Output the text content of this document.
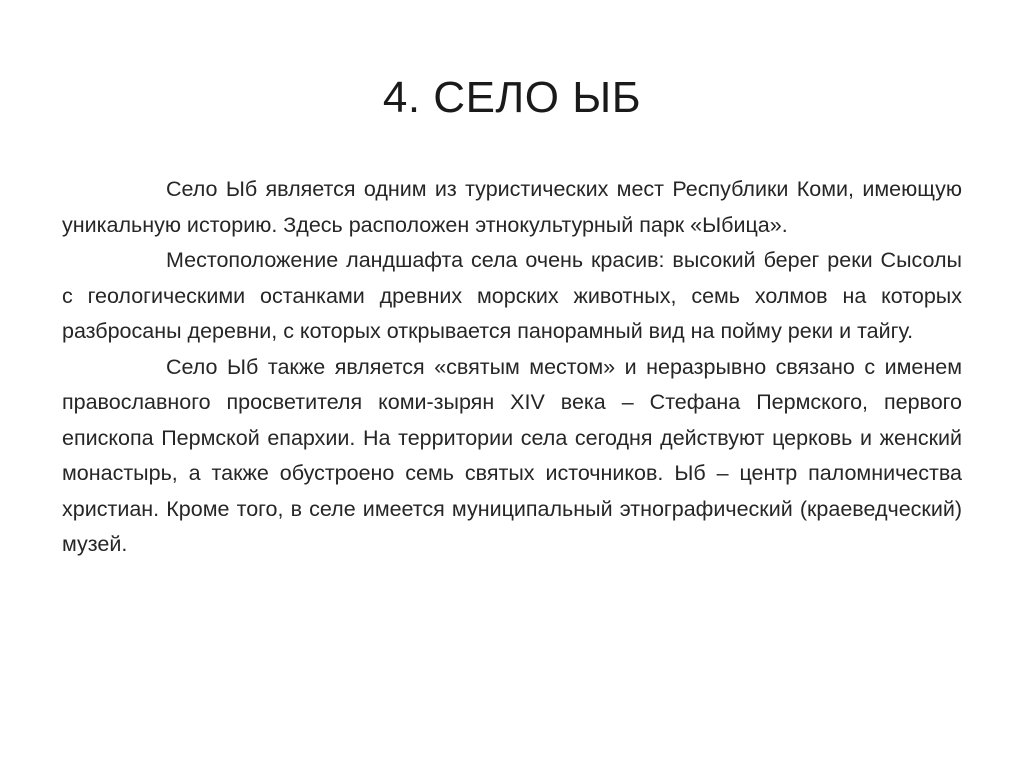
4. СЕЛО ЫБ

Село Ыб является одним из туристических мест Республики Коми, имеющую уникальную историю. Здесь расположен этнокультурный парк «Ыбица».

Местоположение ландшафта села очень красив: высокий берег реки Сысолы с геологическими останками древних морских животных, семь холмов на которых разбросаны деревни, с которых открывается панорамный вид на пойму реки и тайгу.

Село Ыб также является «святым местом» и неразрывно связано с именем православного просветителя коми-зырян XIV века – Стефана Пермского, первого епископа Пермской епархии. На территории села сегодня действуют церковь и женский монастырь, а также обустроено семь святых источников. Ыб – центр паломничества христиан. Кроме того, в селе имеется муниципальный этнографический (краеведческий) музей.
